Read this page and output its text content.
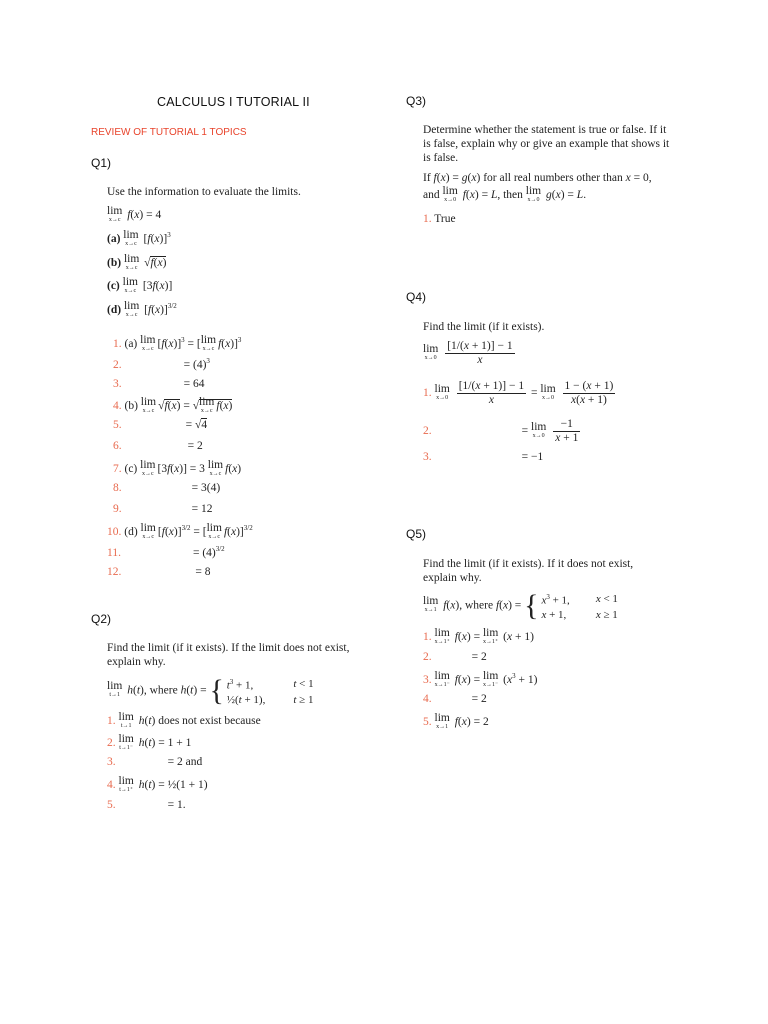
CALCULUS I TUTORIAL II
REVIEW OF TUTORIAL 1 TOPICS
Q1)
Use the information to evaluate the limits.
lim
x→c f(x) = 4
(a) lim
x→c $[f(x)]^3$
(b) lim
x→c √f(x)
(c) lim
x→c [3f(x)]
(d) lim
x→c $[f(x)]^{3/2}$
1. (a) lim
x→c $[f(x)]^3$ = [ lim
x→c f(x)]$^3$
2.	= $(4)^3$
3.	= 64
4. (b) lim
x→c √f(x) = √ lim
x→c f(x)
5.	= √4
6.	= 2
7. (c) lim
x→c [3f(x)] = 3 lim
x→c f(x)
8.	= 3(4)
9.	= 12
10. (d) lim
x→c $[f(x)]^{3/2}$ = [ lim
x→c f(x)]$^{3/2}$
11.	= $(4)^{3/2}$
12.	= 8
Q2)
Find the limit (if it exists). If the limit does not exist,
explain why.
lim
t→1 h(t), where h(t) = { $t^3 + 1$,	t < 1
½(t + 1),	t ≥ 1
1. lim
t→1 h(t) does not exist because
2. lim
t→1⁻ h(t) = 1 + 1
3.	= 2 and
4. lim
t→1⁺ h(t) = ½(1 + 1)
5.	= 1.
Q3)
Determine whether the statement is true or false. If it
is false, explain why or give an example that shows it
is false.
If f(x) = g(x) for all real numbers other than x = 0,
and lim
x→0 f(x) = L, then lim
x→0 g(x) = L.
1. True
Q4)
Find the limit (if it exists).
lim
x→0
$\frac{[1/(x + 1)] - 1}{x}$
1. lim
x→0
$\frac{[1/(x + 1)] - 1}{x} = \lim$
x→0
$\frac{1 - (x + 1)}{x(x + 1)}$
2.	= lim
x→0
$\frac{-1}{x + 1}$
3.	= −1
Q5)
Find the limit (if it exists). If it does not exist,
explain why.
lim
x→1 f(x), where f(x) = { $x^3 + 1$,	x < 1
x + 1,	x ≥ 1
1. lim
x→1⁺ f(x) = lim
x→1⁺ (x + 1)
2.	= 2
3. lim
x→1⁻ f(x) = lim
x→1⁻ $(x^3 + 1)$
4.	= 2
5. lim
x→1 f(x) = 2
